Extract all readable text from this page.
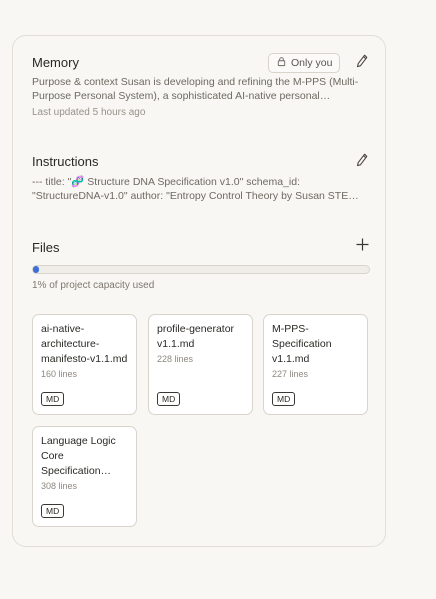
Memory	Only you
Purpose & context Susan is developing and refining the M-PPS (Multi-
Purpose Personal System), a sophisticated AI-native personal…
Last updated 5 hours ago
Instructions
--- title: "🧬 Structure DNA Specification v1.0" schema_id:
"StructureDNA-v1.0" author: "Entropy Control Theory by Susan STE…
Files
1% of project capacity used
ai-native-architecture-manifesto-v1.1.md
160 lines
MD
profile-generator v1.1.md
228 lines
MD
M-PPS-Specification v1.1.md
227 lines
MD
Language Logic Core Specification…
308 lines
MD
